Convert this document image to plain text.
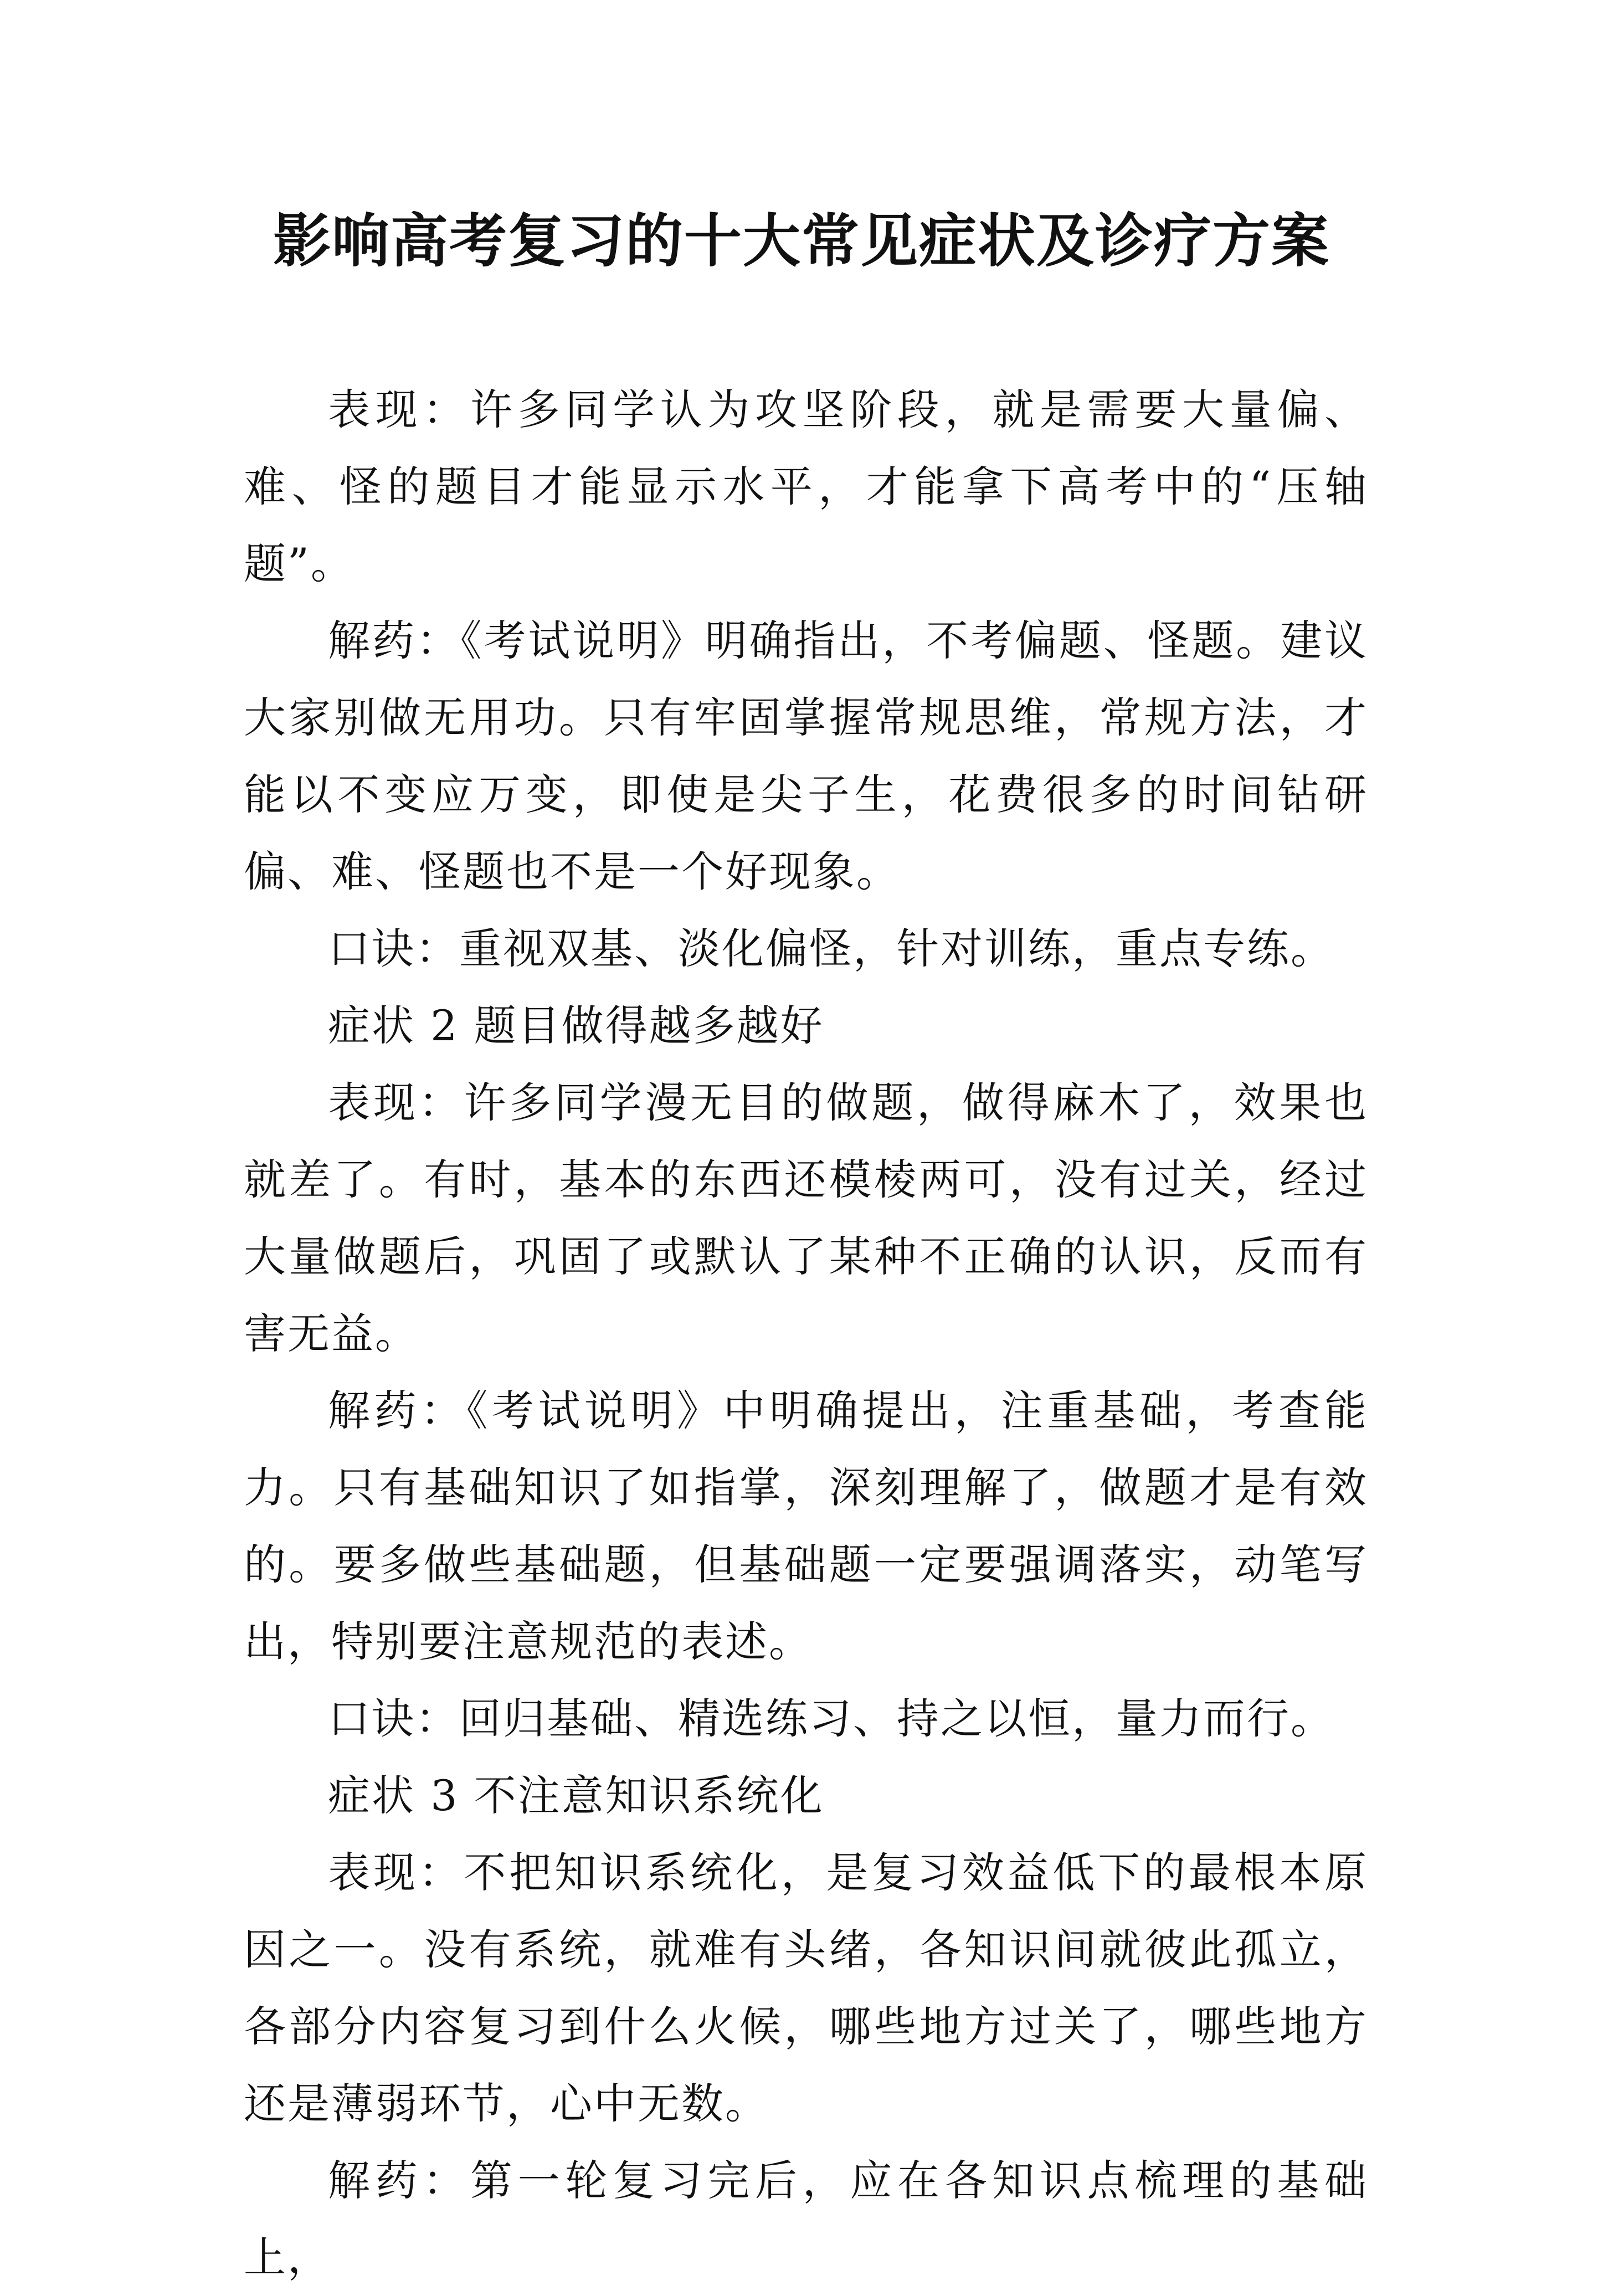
影响高考复习的十大常见症状及诊疗方案

表现：许多同学认为攻坚阶段，就是需要大量偏、难、怪的题目才能显示水平，才能拿下高考中的“压轴题”。

解药：《考试说明》明确指出，不考偏题、怪题。建议大家别做无用功。只有牢固掌握常规思维，常规方法，才能以不变应万变，即使是尖子生，花费很多的时间钻研偏、难、怪题也不是一个好现象。

口诀：重视双基、淡化偏怪，针对训练，重点专练。

症状 2 题目做得越多越好

表现：许多同学漫无目的做题，做得麻木了，效果也就差了。有时，基本的东西还模棱两可，没有过关，经过大量做题后，巩固了或默认了某种不正确的认识，反而有害无益。

解药：《考试说明》中明确提出，注重基础，考查能力。只有基础知识了如指掌，深刻理解了，做题才是有效的。要多做些基础题，但基础题一定要强调落实，动笔写出，特别要注意规范的表述。

口诀：回归基础、精选练习、持之以恒，量力而行。

症状 3 不注意知识系统化

表现：不把知识系统化，是复习效益低下的最根本原因之一。没有系统，就难有头绪，各知识间就彼此孤立，各部分内容复习到什么火候，哪些地方过关了，哪些地方还是薄弱环节，心中无数。

解药：第一轮复习完后，应在各知识点梳理的基础上，
